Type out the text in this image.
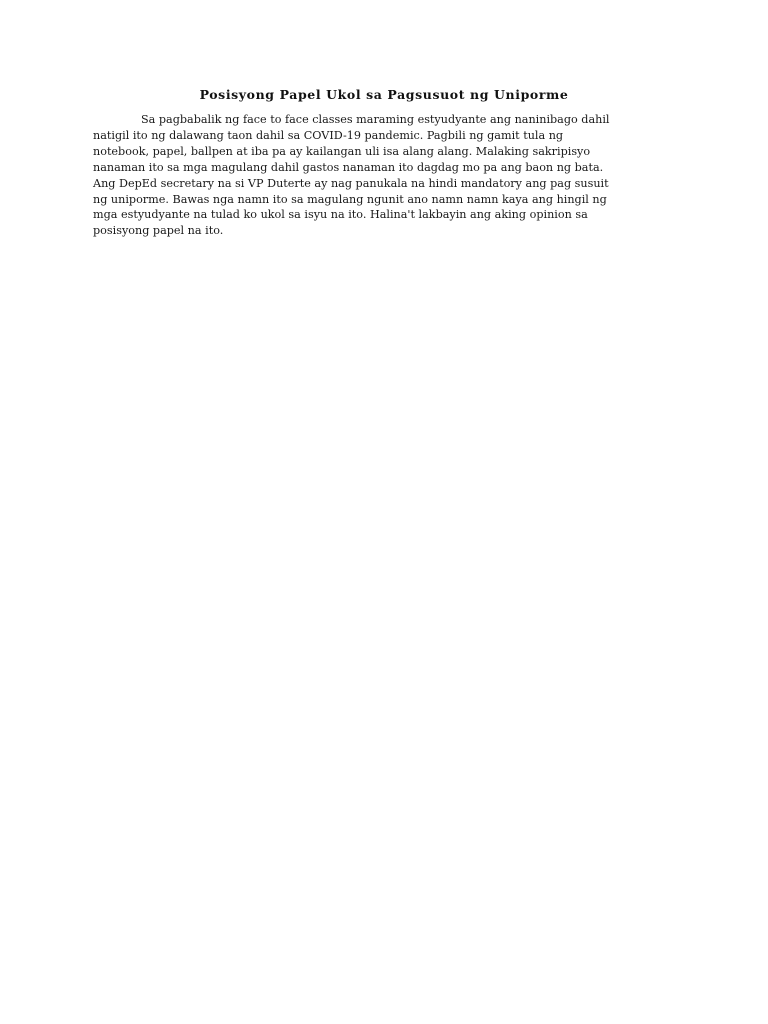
Posisyong Papel Ukol sa Pagsusuot ng Uniporme

Sa pagbabalik ng face to face classes maraming estyudyante ang naninibago dahil
natigil ito ng dalawang taon dahil sa COVID-19 pandemic. Pagbili ng gamit tula ng
notebook, papel, ballpen at iba pa ay kailangan uli isa alang alang. Malaking sakripisyo
nanaman ito sa mga magulang dahil gastos nanaman ito dagdag mo pa ang baon ng bata.
Ang DepEd secretary na si VP Duterte ay nag panukala na hindi mandatory ang pag susuit
ng uniporme. Bawas nga namn ito sa magulang ngunit ano namn namn kaya ang hingil ng
mga estyudyante na tulad ko ukol sa isyu na ito. Halina't lakbayin ang aking opinion sa
posisyong papel na ito.
